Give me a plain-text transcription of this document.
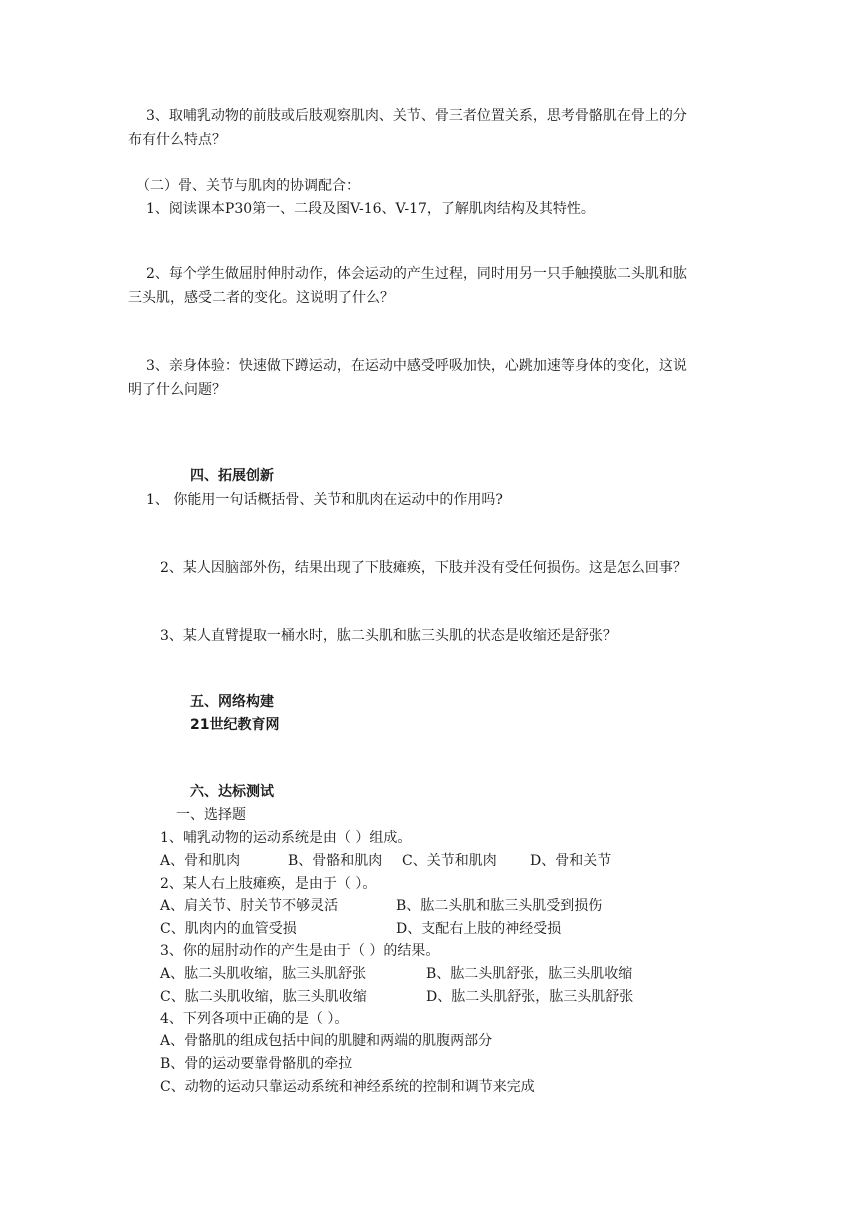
3、取哺乳动物的前肢或后肢观察肌肉、关节、骨三者位置关系，思考骨骼肌在骨上的分
布有什么特点？
（二）骨、关节与肌肉的协调配合：
1、阅读课本P30第一、二段及图V-16、V-17，了解肌肉结构及其特性。
2、每个学生做屈肘伸肘动作，体会运动的产生过程，同时用另一只手触摸肱二头肌和肱
三头肌，感受二者的变化。这说明了什么？
3、亲身体验：快速做下蹲运动，在运动中感受呼吸加快，心跳加速等身体的变化，这说
明了什么问题？
四、拓展创新
1、 你能用一句话概括骨、关节和肌肉在运动中的作用吗?
2、某人因脑部外伤，结果出现了下肢瘫痪，下肢并没有受任何损伤。这是怎么回事？
3、某人直臂提取一桶水时，肱二头肌和肱三头肌的状态是收缩还是舒张？
五、网络构建
21世纪教育网
六、达标测试
一、选择题
1、哺乳动物的运动系统是由（ ）组成。
A、骨和肌肉	B、骨骼和肌肉 C、关节和肌肉 D、骨和关节
2、某人右上肢瘫痪，是由于（ ）。
A、肩关节、肘关节不够灵活	B、肱二头肌和肱三头肌受到损伤
C、肌肉内的血管受损	D、支配右上肢的神经受损
3、你的屈肘动作的产生是由于（ ）的结果。
A、肱二头肌收缩，肱三头肌舒张	B、肱二头肌舒张，肱三头肌收缩
C、肱二头肌收缩，肱三头肌收缩	D、肱二头肌舒张，肱三头肌舒张
4、下列各项中正确的是（ ）。
A、骨骼肌的组成包括中间的肌腱和两端的肌腹两部分
B、骨的运动要靠骨骼肌的牵拉
C、动物的运动只靠运动系统和神经系统的控制和调节来完成
